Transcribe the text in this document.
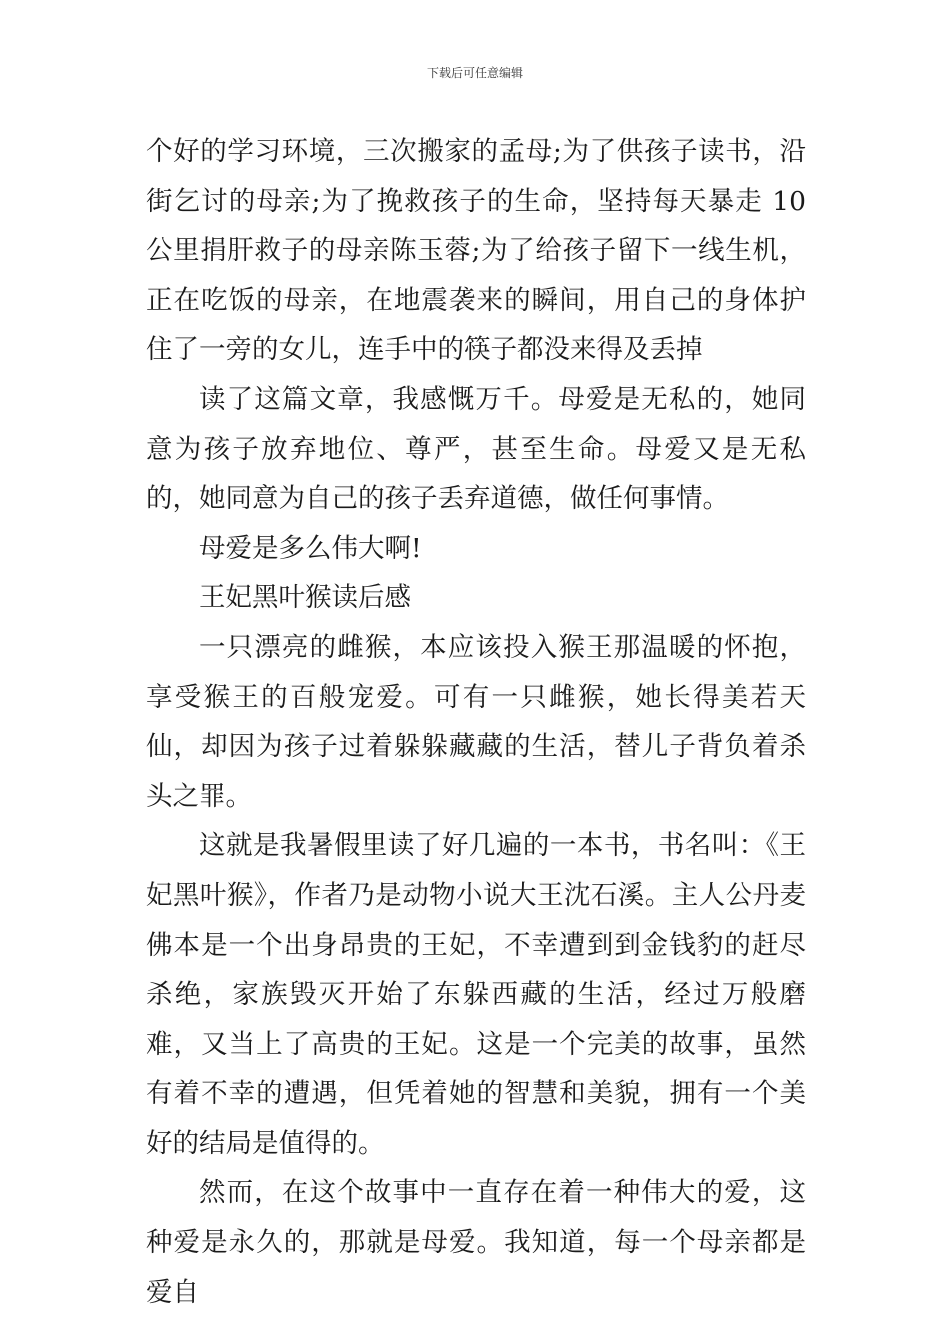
下载后可任意编辑

个好的学习环境，三次搬家的孟母;为了供孩子读书，沿街乞讨的母亲;为了挽救孩子的生命，坚持每天暴走 10 公里捐肝救子的母亲陈玉蓉;为了给孩子留下一线生机，正在吃饭的母亲，在地震袭来的瞬间，用自己的身体护住了一旁的女儿，连手中的筷子都没来得及丢掉

读了这篇文章，我感慨万千。母爱是无私的，她同意为孩子放弃地位、尊严，甚至生命。母爱又是无私的，她同意为自己的孩子丢弃道德，做任何事情。

母爱是多么伟大啊!

王妃黑叶猴读后感

一只漂亮的雌猴，本应该投入猴王那温暖的怀抱，享受猴王的百般宠爱。可有一只雌猴，她长得美若天仙，却因为孩子过着躲躲藏藏的生活，替儿子背负着杀头之罪。

这就是我暑假里读了好几遍的一本书，书名叫：《王妃黑叶猴》，作者乃是动物小说大王沈石溪。主人公丹麦佛本是一个出身昂贵的王妃，不幸遭到到金钱豹的赶尽杀绝，家族毁灭开始了东躲西藏的生活，经过万般磨难，又当上了高贵的王妃。这是一个完美的故事，虽然有着不幸的遭遇，但凭着她的智慧和美貌，拥有一个美好的结局是值得的。

然而，在这个故事中一直存在着一种伟大的爱，这种爱是永久的，那就是母爱。我知道，每一个母亲都是爱自
